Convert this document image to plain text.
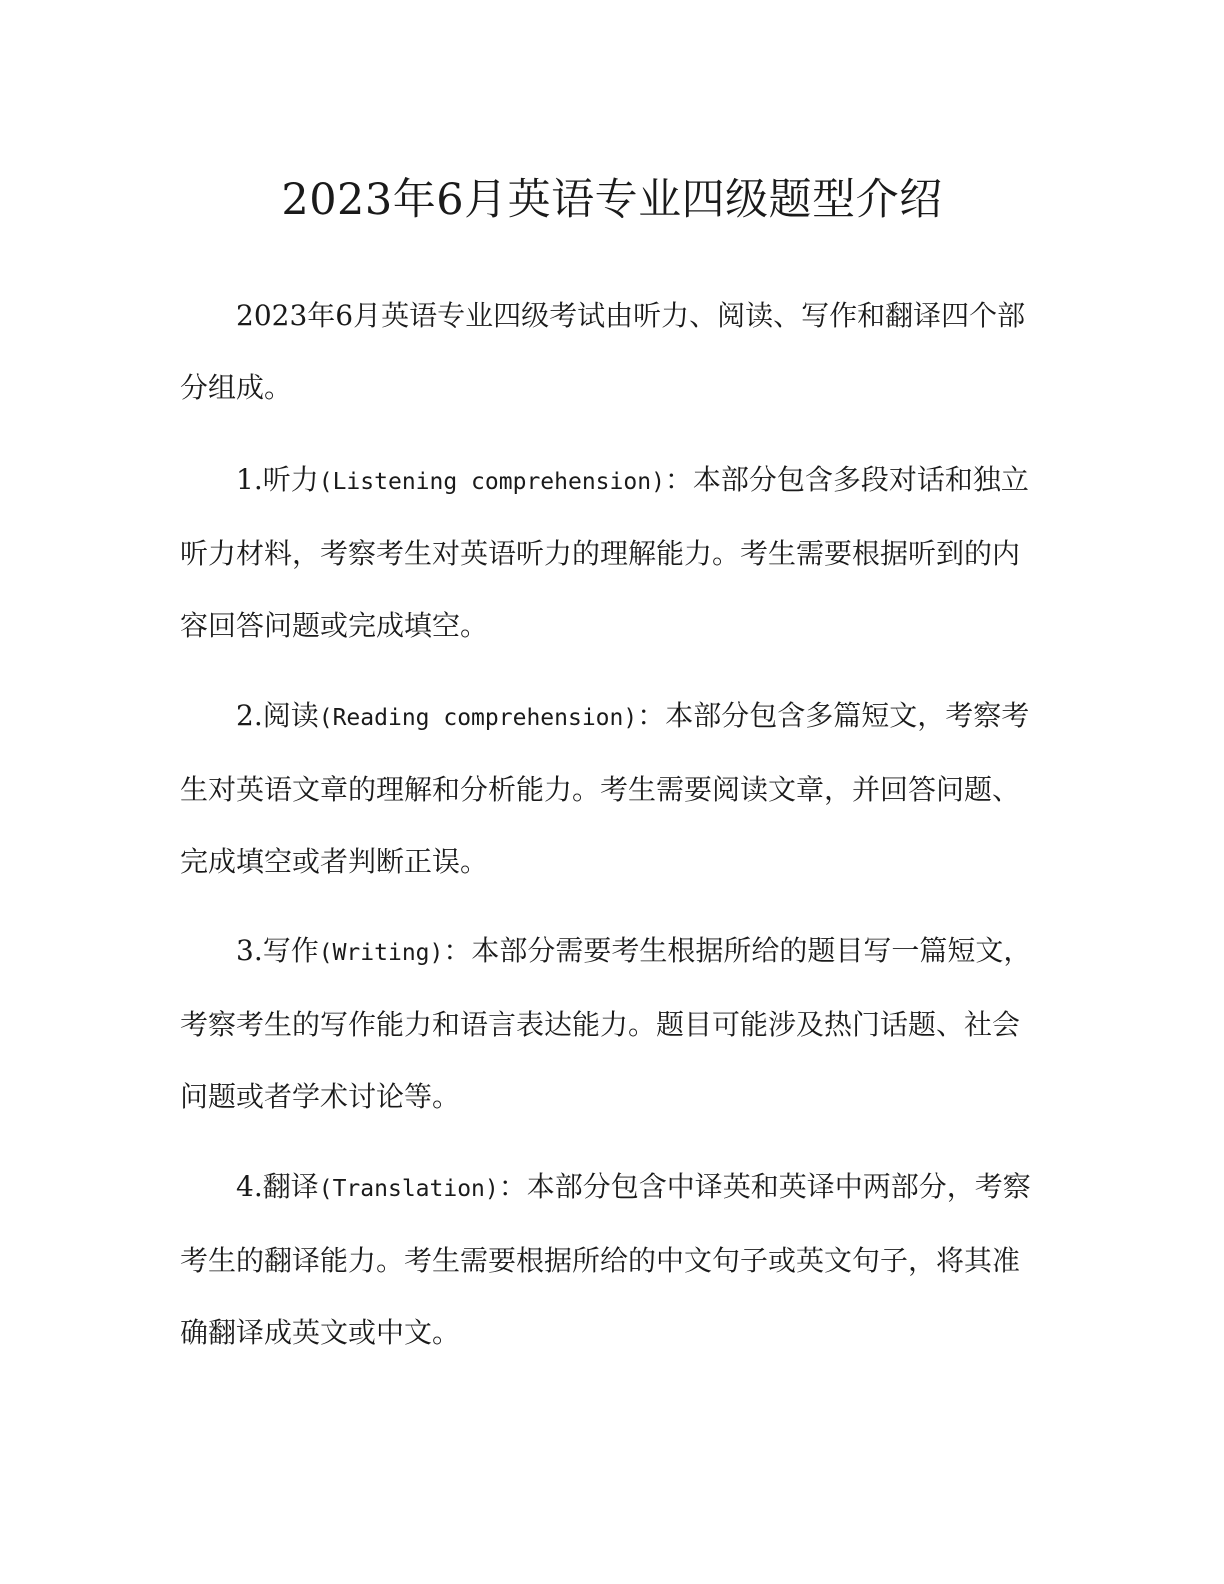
2023年6月英语专业四级题型介绍

2023年6月英语专业四级考试由听力、阅读、写作和翻译四个部分组成。

1.听力(Listening comprehension)：本部分包含多段对话和独立听力材料，考察考生对英语听力的理解能力。考生需要根据听到的内容回答问题或完成填空。

2.阅读(Reading comprehension)：本部分包含多篇短文，考察考生对英语文章的理解和分析能力。考生需要阅读文章，并回答问题、完成填空或者判断正误。

3.写作(Writing)：本部分需要考生根据所给的题目写一篇短文，考察考生的写作能力和语言表达能力。题目可能涉及热门话题、社会问题或者学术讨论等。

4.翻译(Translation)：本部分包含中译英和英译中两部分，考察考生的翻译能力。考生需要根据所给的中文句子或英文句子，将其准确翻译成英文或中文。
